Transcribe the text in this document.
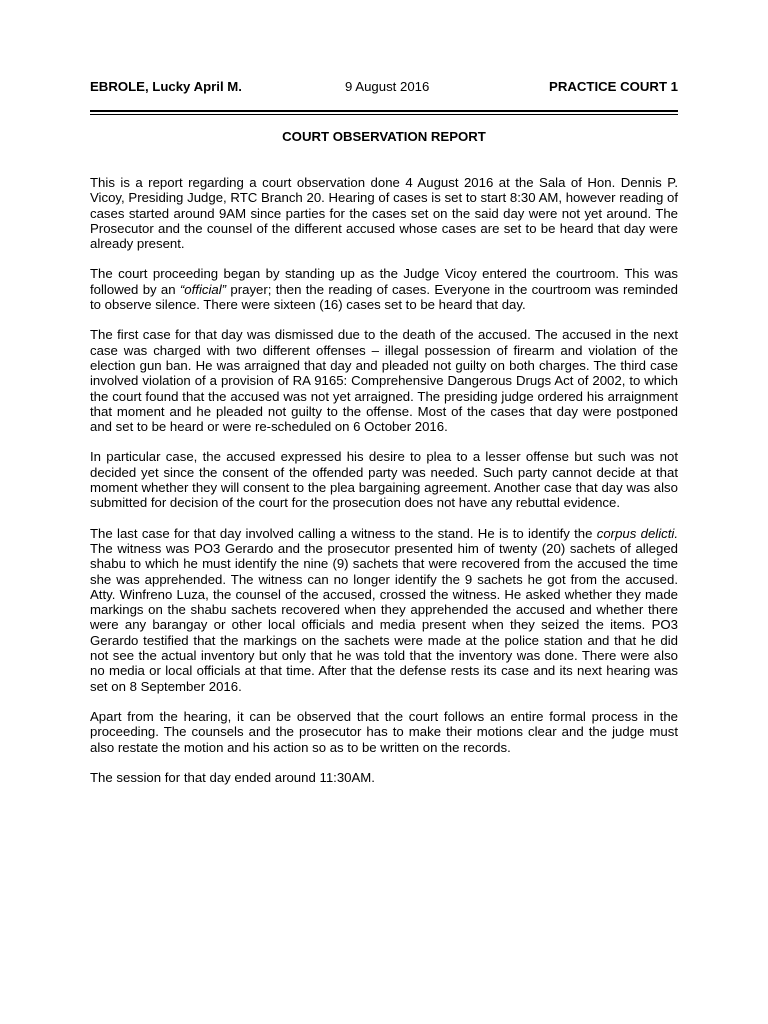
EBROLE, Lucky April M.	9 August 2016	PRACTICE COURT 1
COURT OBSERVATION REPORT

This is a report regarding a court observation done 4 August 2016 at the Sala of Hon. Dennis P. Vicoy, Presiding Judge, RTC Branch 20. Hearing of cases is set to start 8:30 AM, however reading of cases started around 9AM since parties for the cases set on the said day were not yet around. The Prosecutor and the counsel of the different accused whose cases are set to be heard that day were already present.

The court proceeding began by standing up as the Judge Vicoy entered the courtroom. This was followed by an “official” prayer; then the reading of cases. Everyone in the courtroom was reminded to observe silence. There were sixteen (16) cases set to be heard that day.

The first case for that day was dismissed due to the death of the accused. The accused in the next case was charged with two different offenses – illegal possession of firearm and violation of the election gun ban. He was arraigned that day and pleaded not guilty on both charges. The third case involved violation of a provision of RA 9165: Comprehensive Dangerous Drugs Act of 2002, to which the court found that the accused was not yet arraigned. The presiding judge ordered his arraignment that moment and he pleaded not guilty to the offense. Most of the cases that day were postponed and set to be heard or were re-scheduled on 6 October 2016.

In particular case, the accused expressed his desire to plea to a lesser offense but such was not decided yet since the consent of the offended party was needed. Such party cannot decide at that moment whether they will consent to the plea bargaining agreement. Another case that day was also submitted for decision of the court for the prosecution does not have any rebuttal evidence.

The last case for that day involved calling a witness to the stand. He is to identify the corpus delicti. The witness was PO3 Gerardo and the prosecutor presented him of twenty (20) sachets of alleged shabu to which he must identify the nine (9) sachets that were recovered from the accused the time she was apprehended. The witness can no longer identify the 9 sachets he got from the accused. Atty. Winfreno Luza, the counsel of the accused, crossed the witness. He asked whether they made markings on the shabu sachets recovered when they apprehended the accused and whether there were any barangay or other local officials and media present when they seized the items. PO3 Gerardo testified that the markings on the sachets were made at the police station and that he did not see the actual inventory but only that he was told that the inventory was done. There were also no media or local officials at that time. After that the defense rests its case and its next hearing was set on 8 September 2016.

Apart from the hearing, it can be observed that the court follows an entire formal process in the proceeding. The counsels and the prosecutor has to make their motions clear and the judge must also restate the motion and his action so as to be written on the records.

The session for that day ended around 11:30AM.
